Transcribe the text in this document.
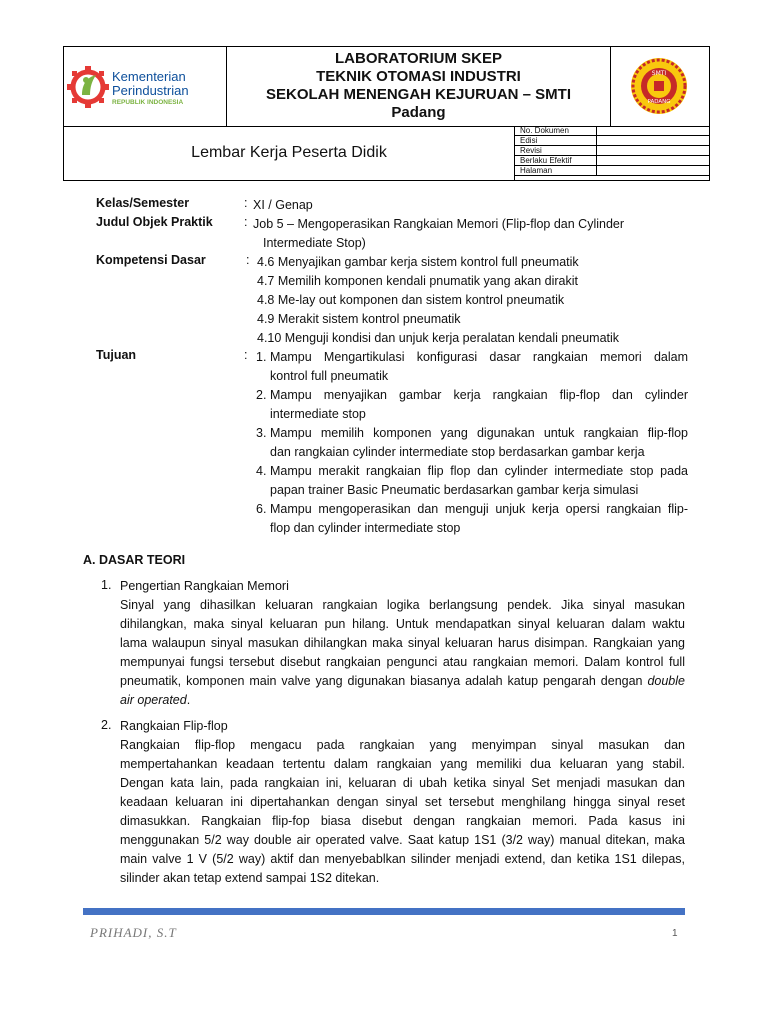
Kementerian
Perindustrian
REPUBLIK INDONESIA
LABORATORIUM SKEP
TEKNIK OTOMASI INDUSTRI
SEKOLAH MENENGAH KEJURUAN – SMTI
Padang
SMTI
PADANG
Lembar Kerja Peserta Didik
No. Dokumen	
Edisi	
Revisi	
Berlaku Efektif	
Halaman	
Kelas/Semester	: XI / Genap
Judul Objek Praktik	: Job 5 – Mengoperasikan Rangkaian Memori (Flip-flop dan Cylinder
Intermediate Stop)
Kompetensi Dasar	: 4.6 Menyajikan gambar kerja sistem kontrol full pneumatik
4.7 Memilih komponen kendali pnumatik yang akan dirakit
4.8 Me-lay out komponen dan sistem kontrol pneumatik
4.9 Merakit sistem kontrol pneumatik
4.10 Menguji kondisi dan unjuk kerja peralatan kendali pneumatik
Tujuan	: 1. Mampu Mengartikulasi konfigurasi dasar rangkaian memori dalam
kontrol full pneumatik
2. Mampu menyajikan gambar kerja rangkaian flip-flop dan cylinder
intermediate stop
3. Mampu memilih komponen yang digunakan untuk rangkaian flip-flop
dan rangkaian cylinder intermediate stop berdasarkan gambar kerja
4. Mampu merakit rangkaian flip flop dan cylinder intermediate stop pada
papan trainer Basic Pneumatic berdasarkan gambar kerja simulasi
6. Mampu mengoperasikan dan menguji unjuk kerja opersi rangkaian flip-
flop dan cylinder intermediate stop
A. DASAR TEORI
1. Pengertian Rangkaian Memori
Sinyal yang dihasilkan keluaran rangkaian logika berlangsung pendek. Jika sinyal masukan
dihilangkan, maka sinyal keluaran pun hilang. Untuk mendapatkan sinyal keluaran dalam waktu
lama walaupun sinyal masukan dihilangkan maka sinyal keluaran harus disimpan. Rangkaian yang
mempunyai fungsi tersebut disebut rangkaian pengunci atau rangkaian memori. Dalam kontrol full
pneumatik, komponen main valve yang digunakan biasanya adalah katup pengarah dengan double
air operated.
2. Rangkaian Flip-flop
Rangkaian flip-flop mengacu pada rangkaian yang menyimpan sinyal masukan dan
mempertahankan keadaan tertentu dalam rangkaian yang memiliki dua keluaran yang stabil.
Dengan kata lain, pada rangkaian ini, keluaran di ubah ketika sinyal Set menjadi masukan dan
keadaan keluaran ini dipertahankan dengan sinyal set tersebut menghilang hingga sinyal reset
dimasukkan. Rangkaian flip-fop biasa disebut dengan rangkaian memori. Pada kasus ini
menggunakan 5/2 way double air operated valve. Saat katup 1S1 (3/2 way) manual ditekan, maka
main valve 1 V (5/2 way) aktif dan menyebablkan silinder menjadi extend, dan ketika 1S1 dilepas,
silinder akan tetap extend sampai 1S2 ditekan.
PRIHADI, S.T	1
